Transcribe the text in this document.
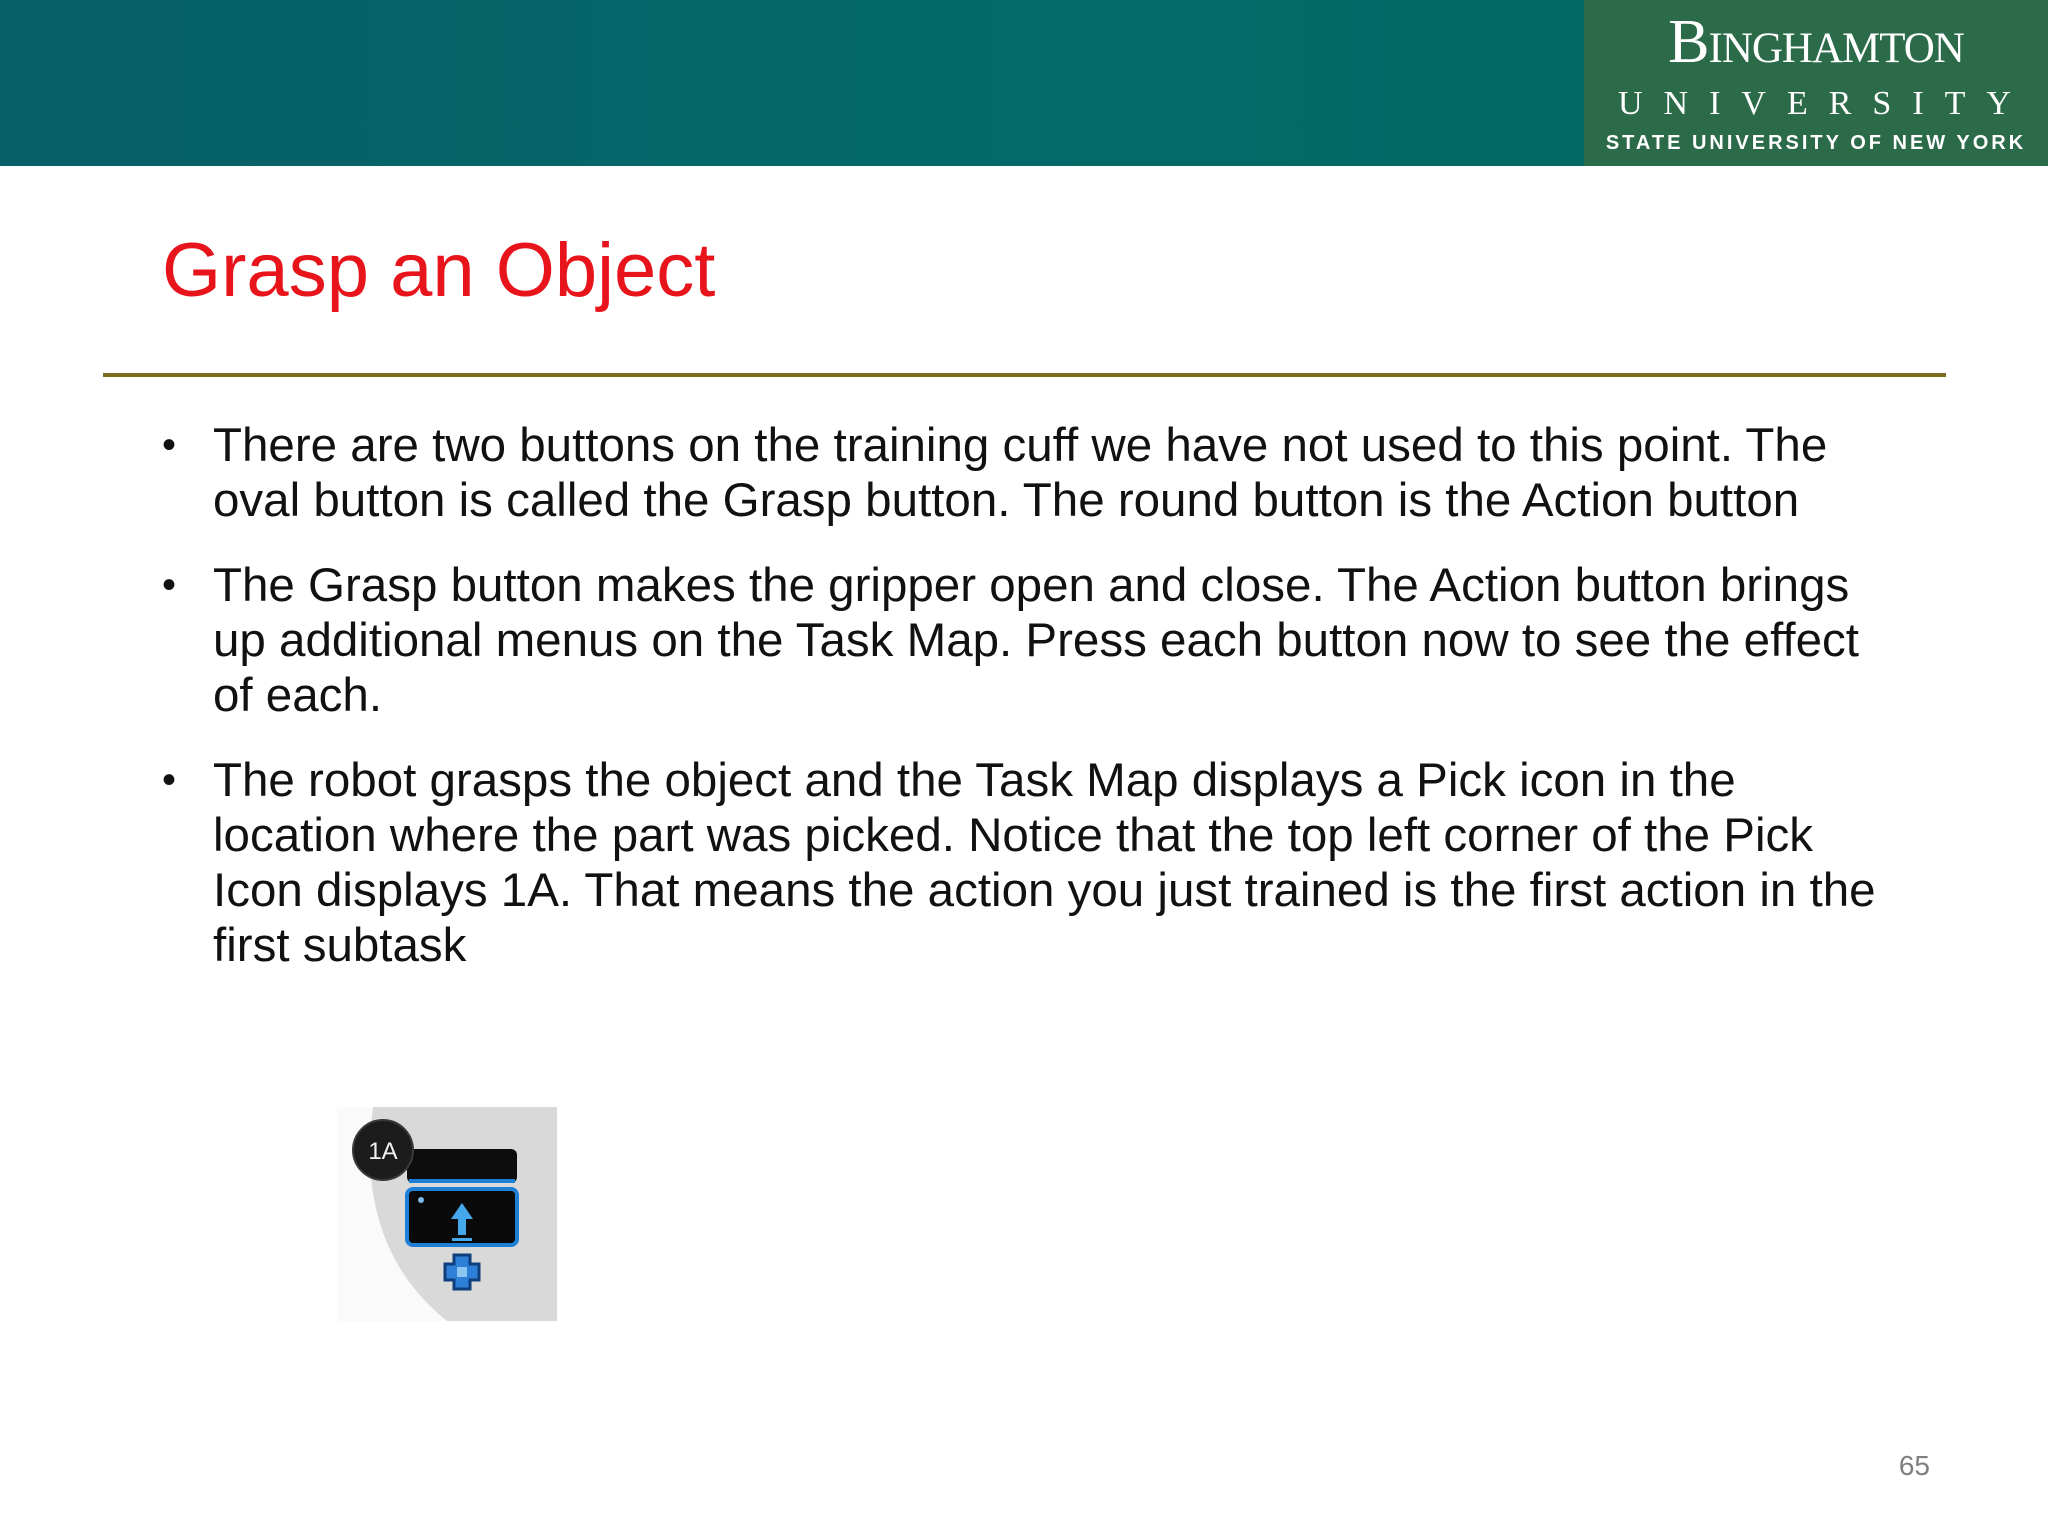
Binghamton
UNIVERSITY
STATE UNIVERSITY OF NEW YORK
Grasp an Object
• There are two buttons on the training cuff we have not used to this point. The oval button is called the Grasp button. The round button is the Action button
• The Grasp button makes the gripper open and close. The Action button brings up additional menus on the Task Map. Press each button now to see the effect of each.
• The robot grasps the object and the Task Map displays a Pick icon in the location where the part was picked. Notice that the top left corner of the Pick Icon displays 1A. That means the action you just trained is the first action in the first subtask
1A
65
